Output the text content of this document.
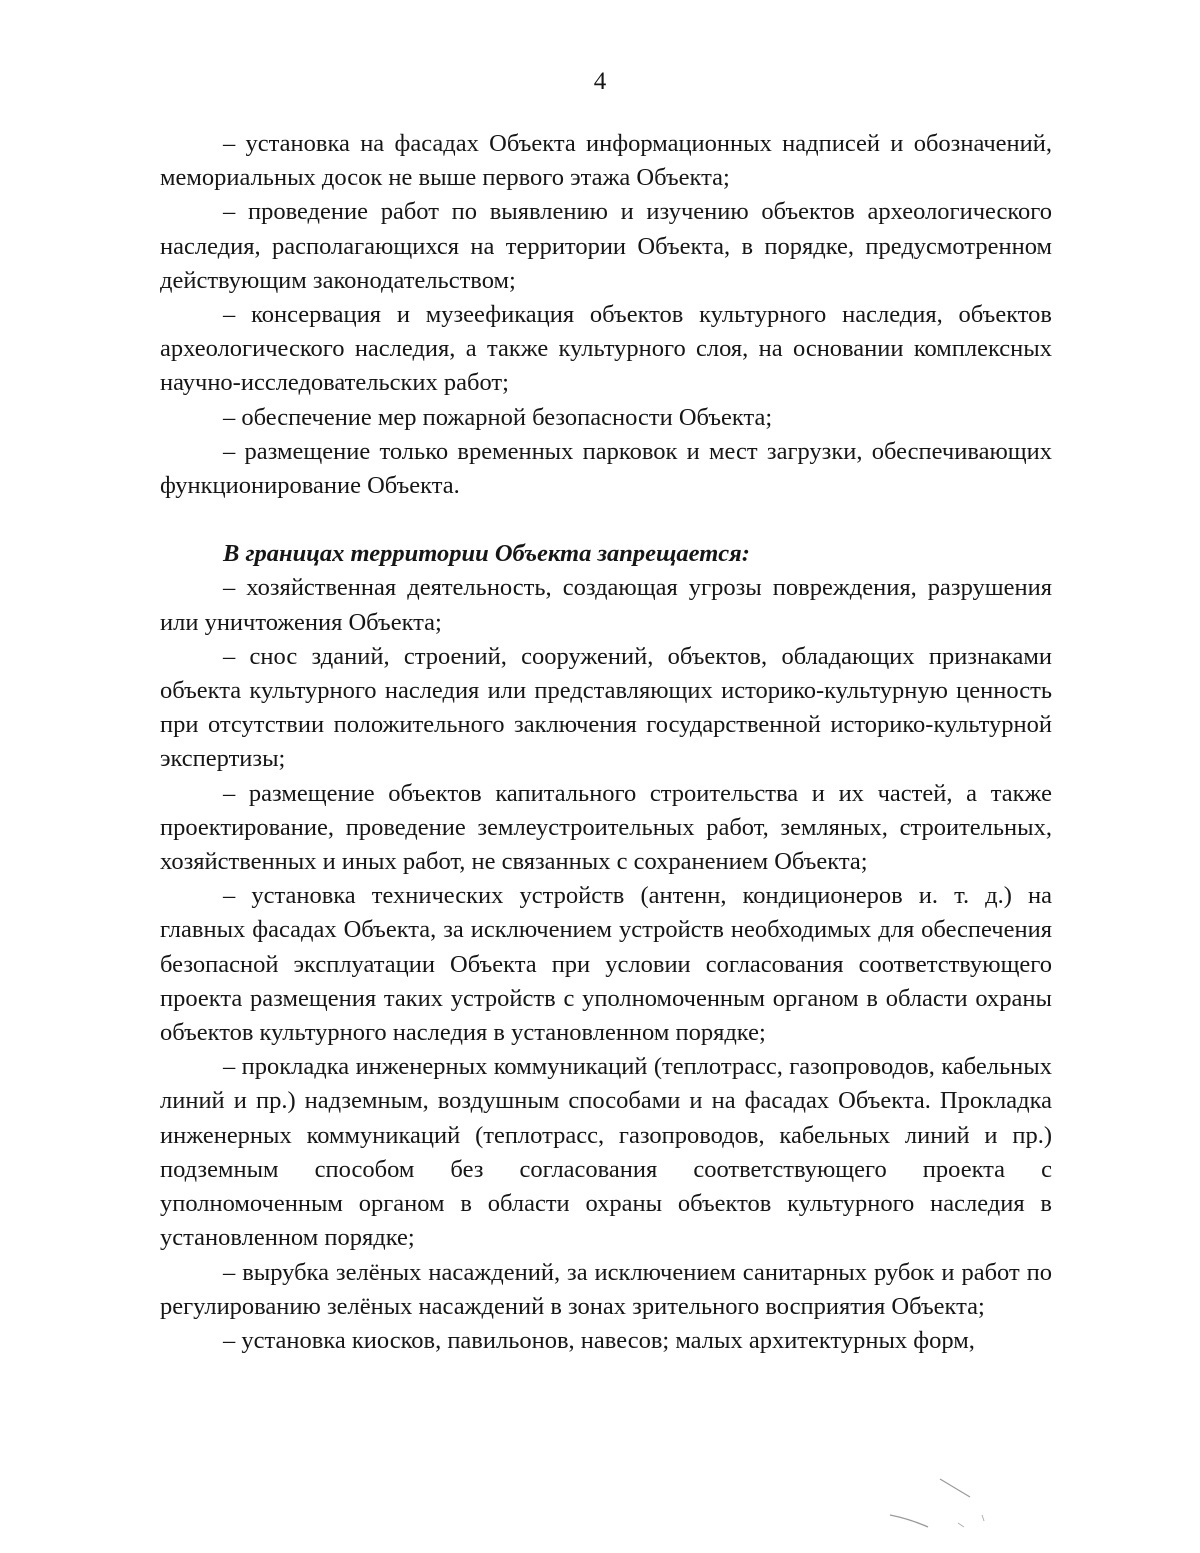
4

– установка на фасадах Объекта информационных надписей и обозначений, мемориальных досок не выше первого этажа Объекта;

– проведение работ по выявлению и изучению объектов археологического наследия, располагающихся на территории Объекта, в порядке, предусмотренном действующим законодательством;

– консервация и музеефикация объектов культурного наследия, объектов археологического наследия, а также культурного слоя, на основании комплексных научно-исследовательских работ;

– обеспечение мер пожарной безопасности Объекта;

– размещение только временных парковок и мест загрузки, обеспечивающих функционирование Объекта.

В границах территории Объекта запрещается:

– хозяйственная деятельность, создающая угрозы повреждения, разрушения или уничтожения Объекта;

– снос зданий, строений, сооружений, объектов, обладающих признаками объекта культурного наследия или представляющих историко-культурную ценность при отсутствии положительного заключения государственной историко-культурной экспертизы;

– размещение объектов капитального строительства и их частей, а также проектирование, проведение землеустроительных работ, земляных, строительных, хозяйственных и иных работ, не связанных с сохранением Объекта;

– установка технических устройств (антенн, кондиционеров и. т. д.) на главных фасадах Объекта, за исключением устройств необходимых для обеспечения безопасной эксплуатации Объекта при условии согласования соответствующего проекта размещения таких устройств с уполномоченным органом в области охраны объектов культурного наследия в установленном порядке;

– прокладка инженерных коммуникаций (теплотрасс, газопроводов, кабельных линий и пр.) надземным, воздушным способами и на фасадах Объекта. Прокладка инженерных коммуникаций (теплотрасс, газопроводов, кабельных линий и пр.) подземным способом без согласования соответствующего проекта с уполномоченным органом в области охраны объектов культурного наследия в установленном порядке;

– вырубка зелёных насаждений, за исключением санитарных рубок и работ по регулированию зелёных насаждений в зонах зрительного восприятия Объекта;

– установка киосков, павильонов, навесов; малых архитектурных форм,
